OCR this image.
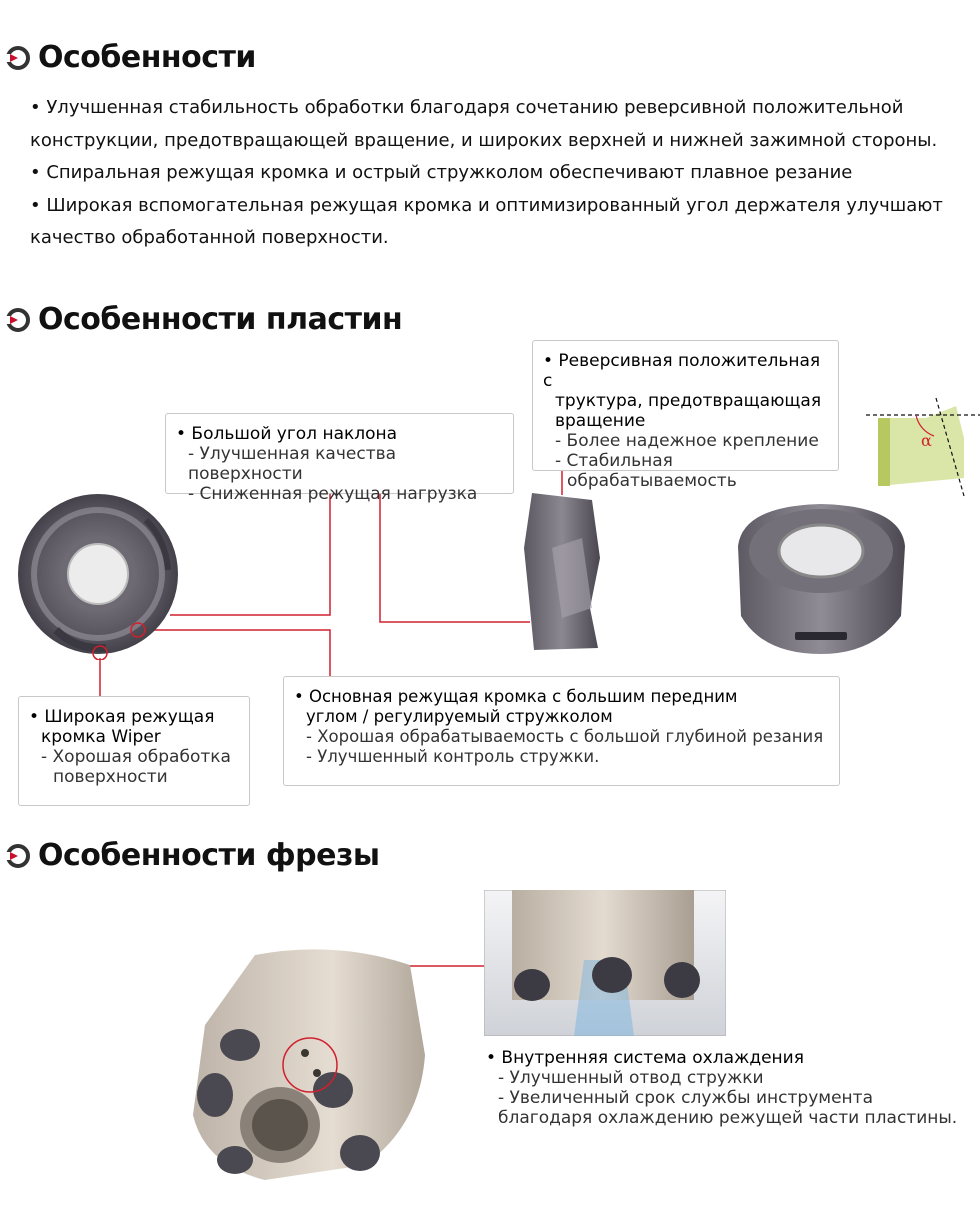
Особенности
• Улучшенная стабильность обработки благодаря сочетанию реверсивной положительной
конструкции, предотвращающей вращение, и широких верхней и нижней зажимной стороны.
• Спиральная режущая кромка и острый стружколом обеспечивают плавное резание
• Широкая вспомогательная режущая кромка и оптимизированный угол держателя улучшают
качество обработанной поверхности.
Особенности пластин
α
• Большой угол наклона
- Улучшенная качества поверхности
- Сниженная режущая нагрузка
• Реверсивная положительная с
труктура, предотвращающая
вращение
- Более надежное крепление
- Стабильная
обрабатываемость
• Широкая режущая
кромка Wiper
- Хорошая обработка
поверхности
• Основная режущая кромка с большим передним
углом / регулируемый стружколом
- Хорошая обрабатываемость с большой глубиной резания
- Улучшенный контроль стружки.
Особенности фрезы
• Внутренняя система охлаждения
- Улучшенный отвод стружки
- Увеличенный срок службы инструмента
благодаря охлаждению режущей части пластины.
